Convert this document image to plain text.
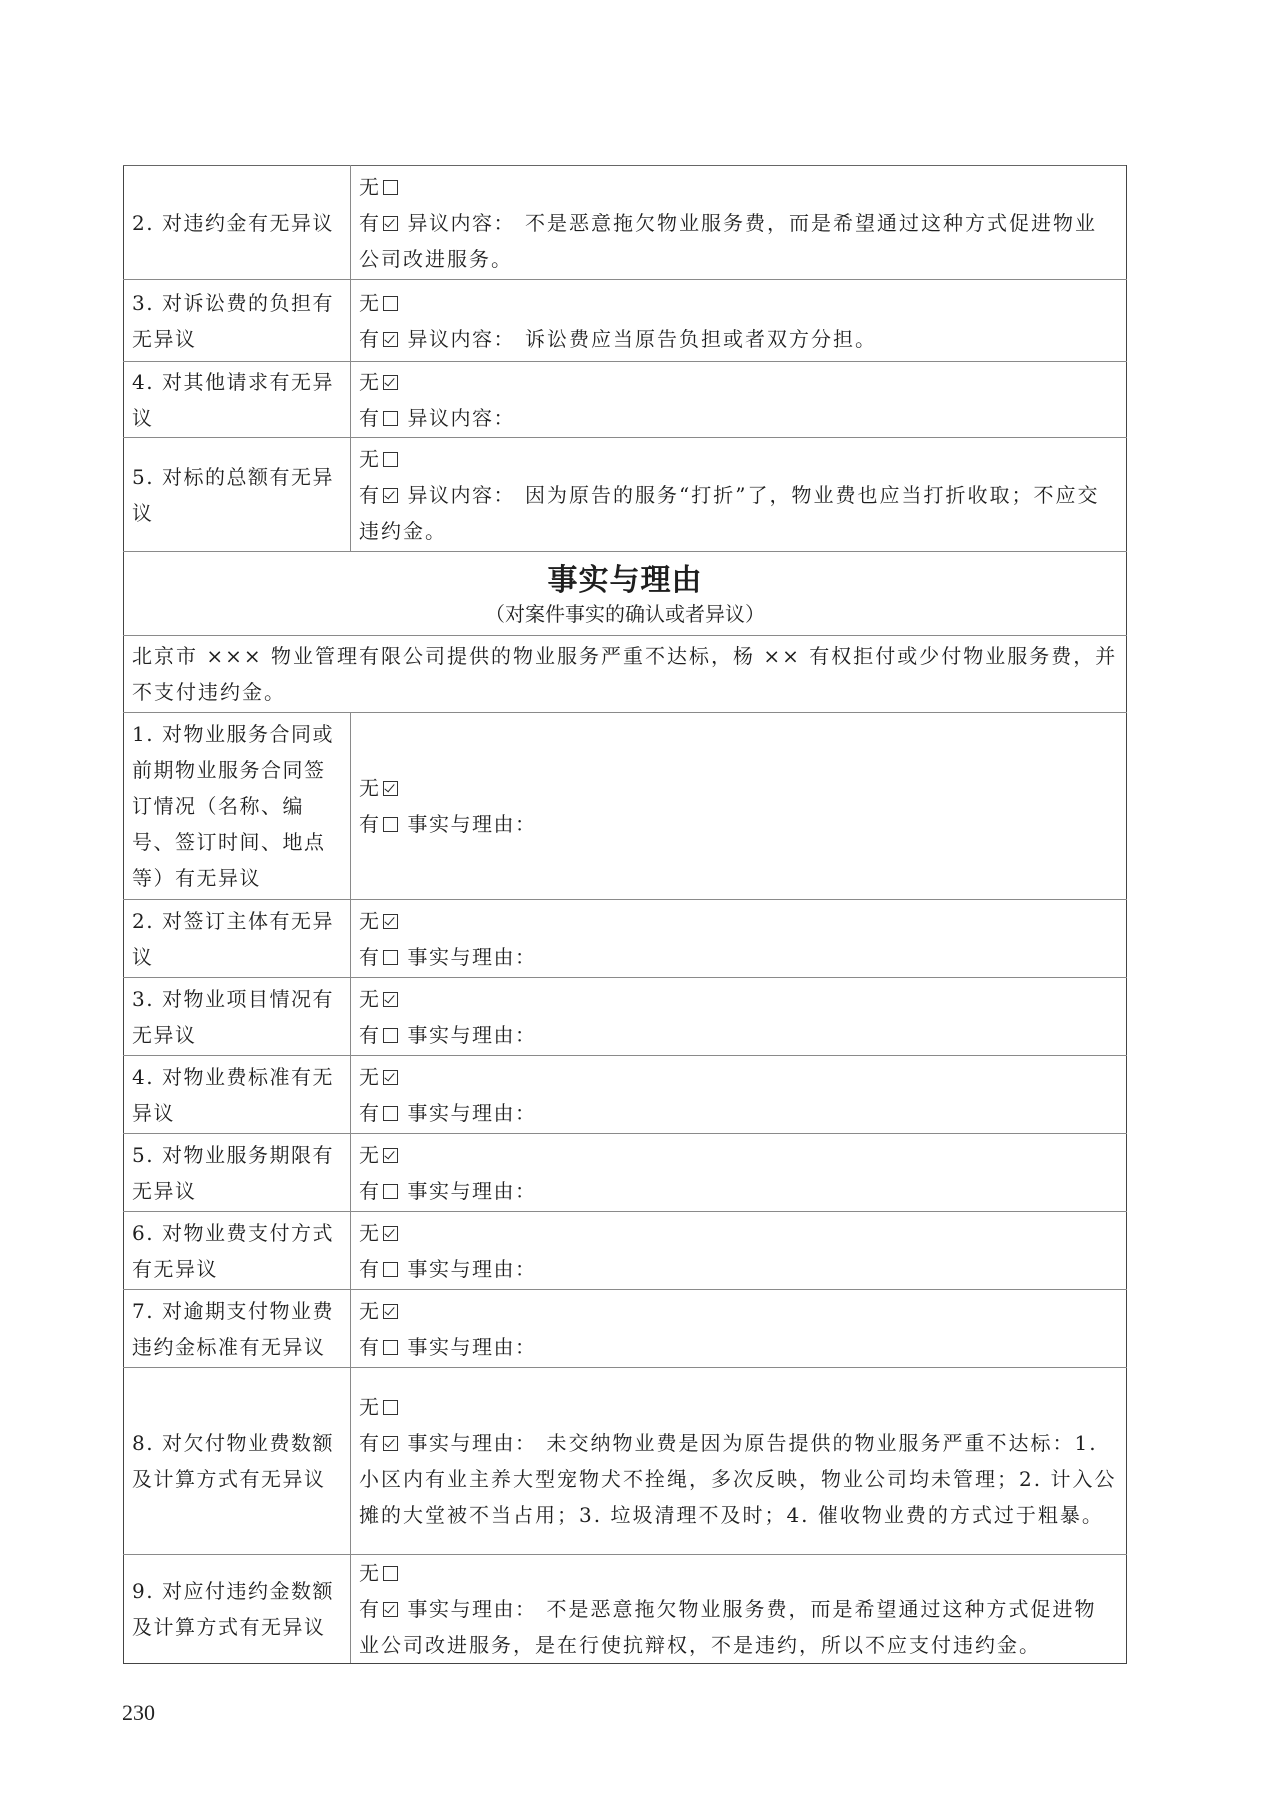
2. 对违约金有无异议	无
有 异议内容： 不是恶意拖欠物业服务费，而是希望通过这种方式促进物业公司改进服务。

3. 对诉讼费的负担有无异议	无
有 异议内容： 诉讼费应当原告负担或者双方分担。

4. 对其他请求有无异议	无
有 异议内容：

5. 对标的总额有无异议	无
有 异议内容： 因为原告的服务“打折”了，物业费也应当打折收取；不应交违约金。

事实与理由
（对案件事实的确认或者异议）	

北京市 ××× 物业管理有限公司提供的物业服务严重不达标，杨 ×× 有权拒付或少付物业服务费，并不支付违约金。	
1. 对物业服务合同或前期物业服务合同签订情况（名称、编号、签订时间、地点等）有无异议	无
有 事实与理由：

2. 对签订主体有无异议	无
有 事实与理由：

3. 对物业项目情况有无异议	无
有 事实与理由：

4. 对物业费标准有无异议	无
有 事实与理由：

5. 对物业服务期限有无异议	无
有 事实与理由：

6. 对物业费支付方式有无异议	无
有 事实与理由：

7. 对逾期支付物业费违约金标准有无异议	无
有 事实与理由：

8. 对欠付物业费数额及计算方式有无异议	无
有 事实与理由： 未交纳物业费是因为原告提供的物业服务严重不达标：1. 小区内有业主养大型宠物犬不拴绳，多次反映，物业公司均未管理；2. 计入公摊的大堂被不当占用；3. 垃圾清理不及时；4. 催收物业费的方式过于粗暴。

9. 对应付违约金数额及计算方式有无异议	无
有 事实与理由： 不是恶意拖欠物业服务费，而是希望通过这种方式促进物业公司改进服务，是在行使抗辩权，不是违约，所以不应支付违约金。
230
